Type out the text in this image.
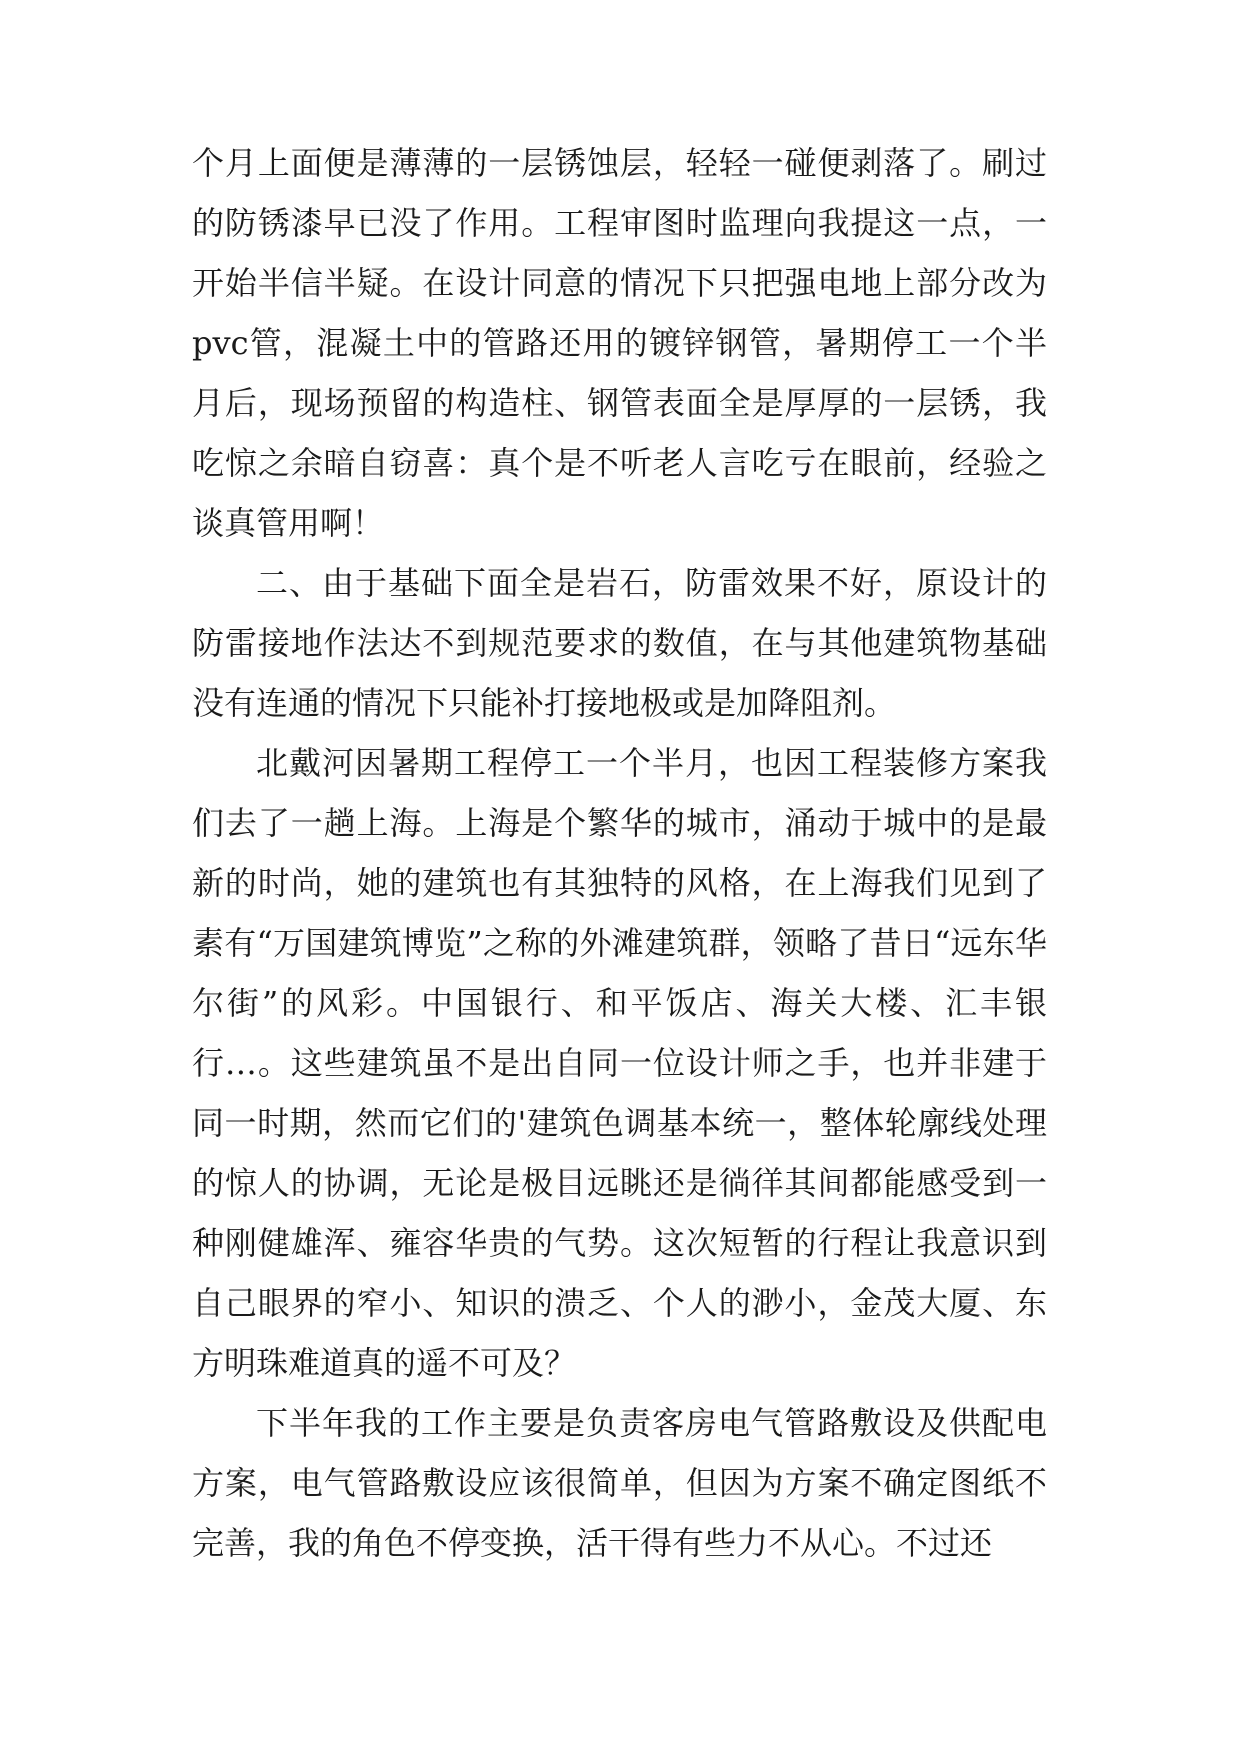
个月上面便是薄薄的一层锈蚀层，轻轻一碰便剥落了。刷过的防锈漆早已没了作用。工程审图时监理向我提这一点，一开始半信半疑。在设计同意的情况下只把强电地上部分改为pvc管，混凝土中的管路还用的镀锌钢管，暑期停工一个半月后，现场预留的构造柱、钢管表面全是厚厚的一层锈，我吃惊之余暗自窃喜：真个是不听老人言吃亏在眼前，经验之谈真管用啊！

二、由于基础下面全是岩石，防雷效果不好，原设计的防雷接地作法达不到规范要求的数值，在与其他建筑物基础没有连通的情况下只能补打接地极或是加降阻剂。

北戴河因暑期工程停工一个半月，也因工程装修方案我们去了一趟上海。上海是个繁华的城市，涌动于城中的是最新的时尚，她的建筑也有其独特的风格，在上海我们见到了素有“万国建筑博览”之称的外滩建筑群，领略了昔日“远东华尔街”的风彩。中国银行、和平饭店、海关大楼、汇丰银行…。这些建筑虽不是出自同一位设计师之手，也并非建于同一时期，然而它们的'建筑色调基本统一，整体轮廓线处理的惊人的协调，无论是极目远眺还是徜徉其间都能感受到一种刚健雄浑、雍容华贵的气势。这次短暂的行程让我意识到自己眼界的窄小、知识的溃乏、个人的渺小，金茂大厦、东方明珠难道真的遥不可及？

下半年我的工作主要是负责客房电气管路敷设及供配电方案，电气管路敷设应该很简单，但因为方案不确定图纸不完善，我的角色不停变换，活干得有些力不从心。不过还
